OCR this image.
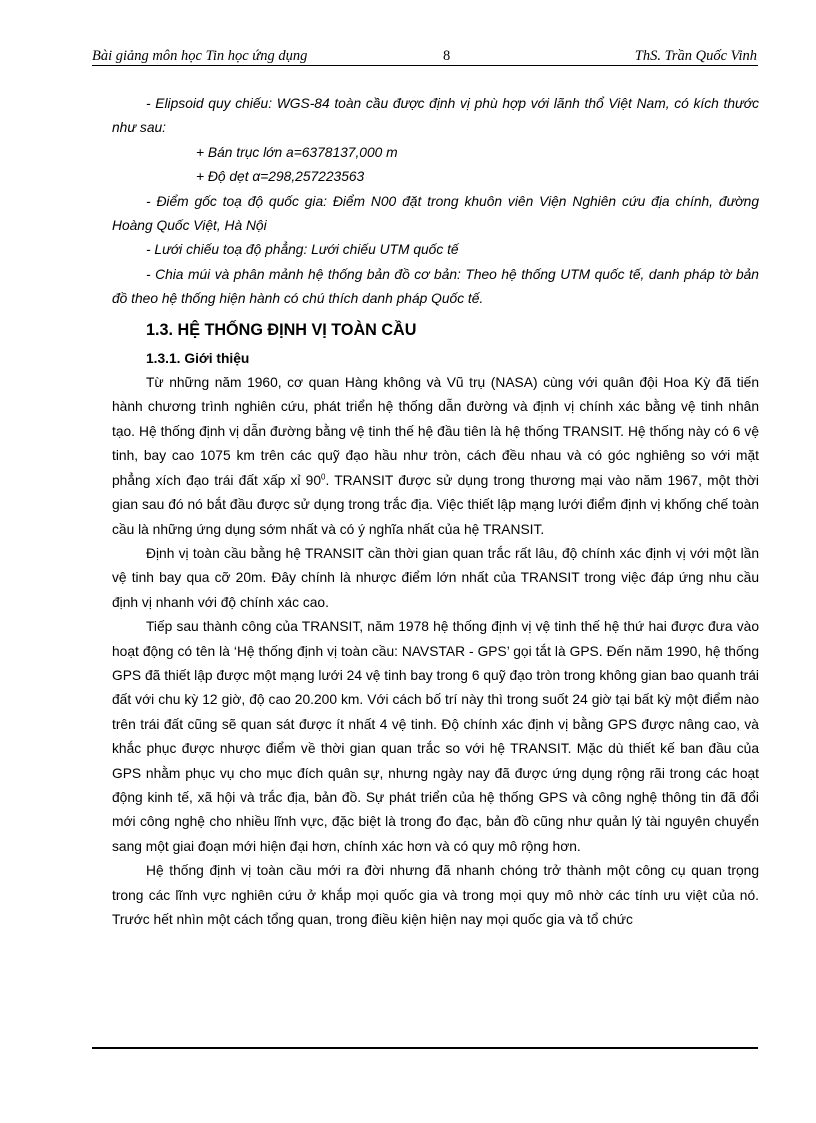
Bài giảng môn học Tin học ứng dụng	8	ThS. Trần Quốc Vinh

- Elipsoid quy chiếu: WGS-84 toàn cầu được định vị phù hợp với lãnh thổ Việt Nam, có kích thước như sau:

+ Bán trục lớn a=6378137,000 m

+ Độ dẹt α=298,257223563

- Điểm gốc toạ độ quốc gia: Điểm N00 đặt trong khuôn viên Viện Nghiên cứu địa chính, đường Hoàng Quốc Việt, Hà Nội

- Lưới chiếu toạ độ phẳng: Lưới chiếu UTM quốc tế

- Chia múi và phân mảnh hệ thống bản đồ cơ bản: Theo hệ thống UTM quốc tế, danh pháp tờ bản đồ theo hệ thống hiện hành có chú thích danh pháp Quốc tế.

1.3. HỆ THỐNG ĐỊNH VỊ TOÀN CẦU

1.3.1. Giới thiệu

Từ những năm 1960, cơ quan Hàng không và Vũ trụ (NASA) cùng với quân đội Hoa Kỳ đã tiến hành chương trình nghiên cứu, phát triển hệ thống dẫn đường và định vị chính xác bằng vệ tinh nhân tạo. Hệ thống định vị dẫn đường bằng vệ tinh thế hệ đầu tiên là hệ thống TRANSIT. Hệ thống này có 6 vệ tinh, bay cao 1075 km trên các quỹ đạo hầu như tròn, cách đều nhau và có góc nghiêng so với mặt phẳng xích đạo trái đất xấp xỉ $90^0$. TRANSIT được sử dụng trong thương mại vào năm 1967, một thời gian sau đó nó bắt đầu được sử dụng trong trắc địa. Việc thiết lập mạng lưới điểm định vị khống chế toàn cầu là những ứng dụng sớm nhất và có ý nghĩa nhất của hệ TRANSIT.

Định vị toàn cầu bằng hệ TRANSIT cần thời gian quan trắc rất lâu, độ chính xác định vị với một lần vệ tinh bay qua cỡ 20m. Đây chính là nhược điểm lớn nhất của TRANSIT trong việc đáp ứng nhu cầu định vị nhanh với độ chính xác cao.

Tiếp sau thành công của TRANSIT, năm 1978 hệ thống định vị vệ tinh thế hệ thứ hai được đưa vào hoạt động có tên là ‘Hệ thống định vị toàn cầu: NAVSTAR - GPS’ gọi tắt là GPS. Đến năm 1990, hệ thống GPS đã thiết lập được một mạng lưới 24 vệ tinh bay trong 6 quỹ đạo tròn trong không gian bao quanh trái đất với chu kỳ 12 giờ, độ cao 20.200 km. Với cách bố trí này thì trong suốt 24 giờ tại bất kỳ một điểm nào trên trái đất cũng sẽ quan sát được ít nhất 4 vệ tinh. Độ chính xác định vị bằng GPS được nâng cao, và khắc phục được nhược điểm về thời gian quan trắc so với hệ TRANSIT. Mặc dù thiết kế ban đầu của GPS nhằm phục vụ cho mục đích quân sự, nhưng ngày nay đã được ứng dụng rộng rãi trong các hoạt động kinh tế, xã hội và trắc địa, bản đồ. Sự phát triển của hệ thống GPS và công nghệ thông tin đã đổi mới công nghệ cho nhiều lĩnh vực, đặc biệt là trong đo đạc, bản đồ cũng như quản lý tài nguyên chuyển sang một giai đoạn mới hiện đại hơn, chính xác hơn và có quy mô rộng hơn.

Hệ thống định vị toàn cầu mới ra đời nhưng đã nhanh chóng trở thành một công cụ quan trọng trong các lĩnh vực nghiên cứu ở khắp mọi quốc gia và trong mọi quy mô nhờ các tính ưu việt của nó. Trước hết nhìn một cách tổng quan, trong điều kiện hiện nay mọi quốc gia và tổ chức
